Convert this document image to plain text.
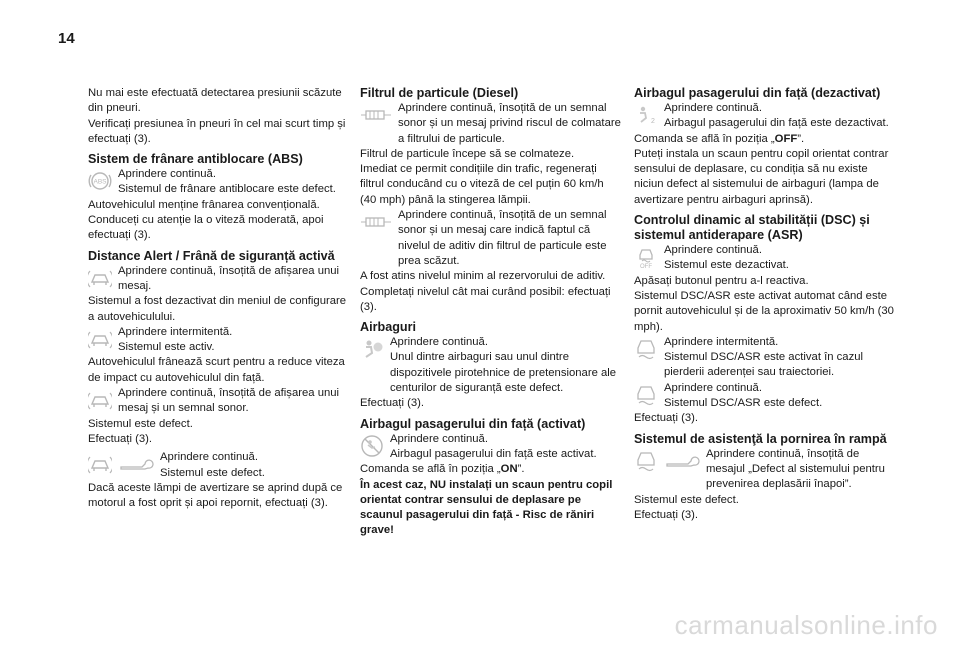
14

Nu mai este efectuată detectarea presiunii scăzute din pneuri.

Verificați presiunea în pneuri în cel mai scurt timp și efectuați (3).

Sistem de frânare antiblocare (ABS)
ABS

Aprindere continuă.

Sistemul de frânare antiblocare este defect.

Autovehiculul menține frânarea convențională.

Conduceți cu atenție la o viteză moderată, apoi efectuați (3).

Distance Alert / Frână de siguranță activă

Aprindere continuă, însoțită de afișarea unui mesaj.

Sistemul a fost dezactivat din meniul de configurare a autovehiculului.

Aprindere intermitentă.

Sistemul este activ.

Autovehiculul frânează scurt pentru a reduce viteza de impact cu autovehiculul din față.

Aprindere continuă, însoțită de afișarea unui mesaj și un semnal sonor.

Sistemul este defect.

Efectuați (3).

Aprindere continuă.

Sistemul este defect.

Dacă aceste lămpi de avertizare se aprind după ce motorul a fost oprit și apoi repornit, efectuați (3).

Filtrul de particule (Diesel)

Aprindere continuă, însoțită de un semnal sonor și un mesaj privind riscul de colmatare a filtrului de particule.

Filtrul de particule începe să se colmateze.

Imediat ce permit condițiile din trafic, regenerați filtrul conducând cu o viteză de cel puțin 60 km/h (40 mph) până la stingerea lămpii.

Aprindere continuă, însoțită de un semnal sonor și un mesaj care indică faptul că nivelul de aditiv din filtrul de particule este prea scăzut.

A fost atins nivelul minim al rezervorului de aditiv.

Completați nivelul cât mai curând posibil: efectuați (3).

Airbaguri

Aprindere continuă.

Unul dintre airbaguri sau unul dintre dispozitivele pirotehnice de pretensionare ale centurilor de siguranță este defect.

Efectuați (3).

Airbagul pasagerului din față (activat)

Aprindere continuă.

Airbagul pasagerului din față este activat.

Comanda se află în poziția „ON”.

În acest caz, NU instalați un scaun pentru copil orientat contrar sensului de deplasare pe scaunul pasagerului din față - Risc de răniri grave!

Airbagul pasagerului din față (dezactivat)
2

Aprindere continuă.

Airbagul pasagerului din față este dezactivat.

Comanda se află în poziția „OFF”.

Puteți instala un scaun pentru copil orientat contrar sensului de deplasare, cu condiția să nu existe niciun defect al sistemului de airbaguri (lampa de avertizare pentru airbaguri aprinsă).

Controlul dinamic al stabilității (DSC) și sistemul antiderapare (ASR)
OFF

Aprindere continuă.

Sistemul este dezactivat.

Apăsați butonul pentru a-l reactiva.

Sistemul DSC/ASR este activat automat când este pornit autovehiculul și de la aproximativ 50 km/h (30 mph).

Aprindere intermitentă.

Sistemul DSC/ASR este activat în cazul pierderii aderenței sau traiectoriei.

Aprindere continuă.

Sistemul DSC/ASR este defect.

Efectuați (3).

Sistemul de asistenţă la pornirea în rampă

Aprindere continuă, însoțită de mesajul „Defect al sistemului pentru prevenirea deplasării înapoi”.

Sistemul este defect.

Efectuați (3).

carmanualsonline.info
